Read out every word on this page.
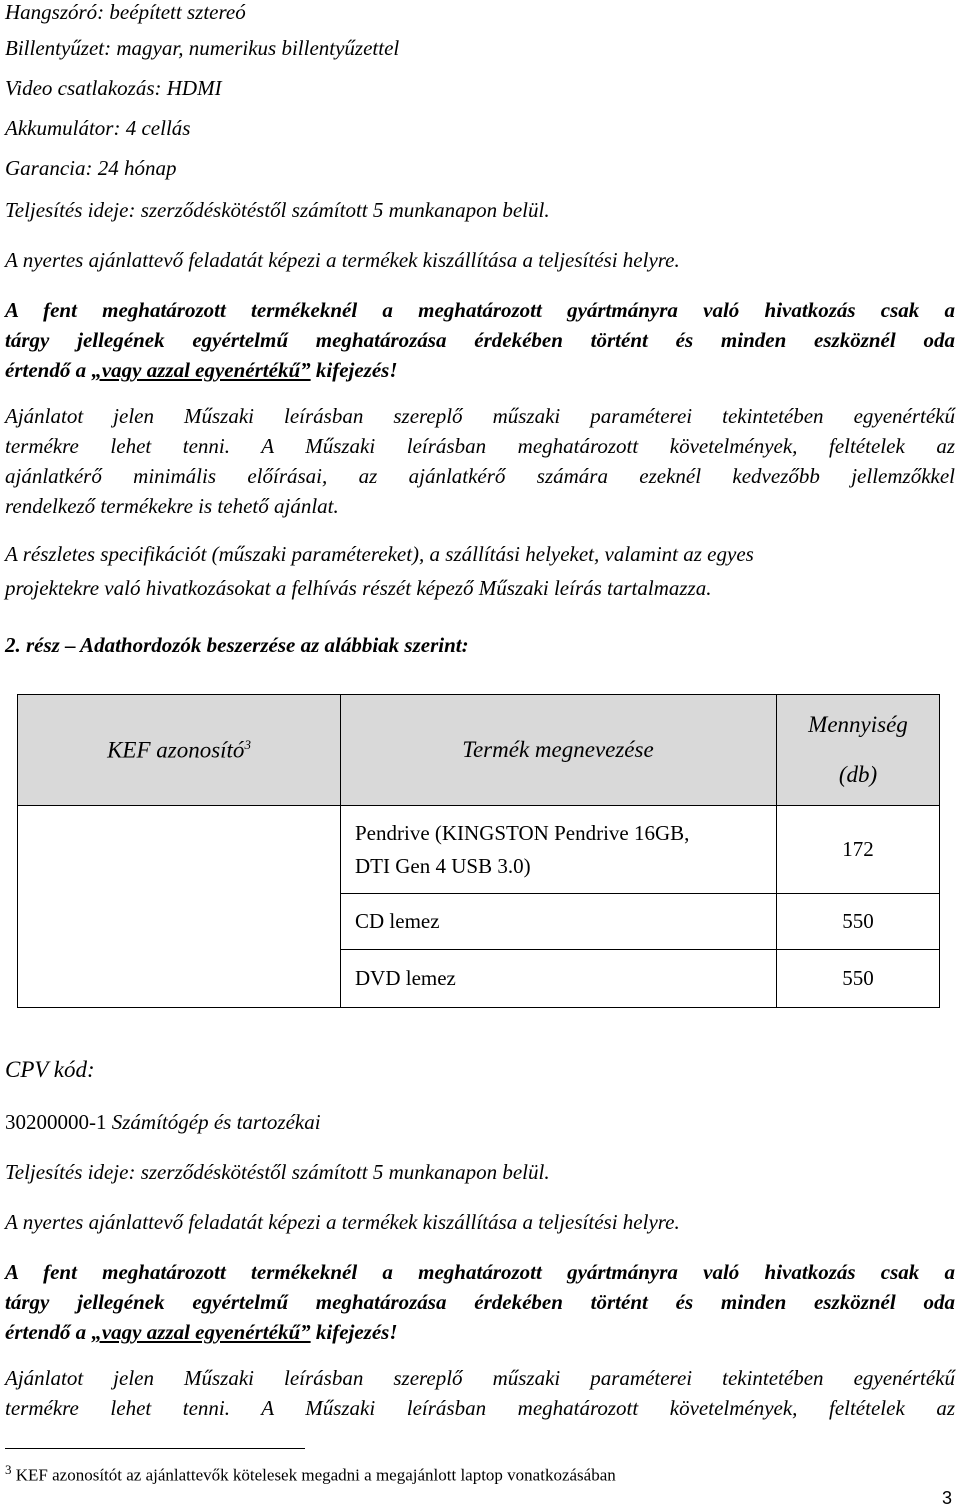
Hangszóró: beépített sztereó
Billentyűzet: magyar, numerikus billentyűzettel
Video csatlakozás: HDMI
Akkumulátor: 4 cellás
Garancia: 24 hónap
Teljesítés ideje: szerződéskötéstől számított 5 munkanapon belül.
A nyertes ajánlattevő feladatát képezi a termékek kiszállítása a teljesítési helyre.
A fent meghatározott termékeknél a meghatározott gyártmányra való hivatkozás csak a
tárgy jellegének egyértelmű meghatározása érdekében történt és minden eszköznél oda
értendő a „vagy azzal egyenértékű” kifejezés!
Ajánlatot jelen Műszaki leírásban szereplő műszaki paraméterei tekintetében egyenértékű
termékre lehet tenni. A Műszaki leírásban meghatározott követelmények, feltételek az
ajánlatkérő minimális előírásai, az ajánlatkérő számára ezeknél kedvezőbb jellemzőkkel
rendelkező termékekre is tehető ajánlat.
A részletes specifikációt (műszaki paramétereket), a szállítási helyeket, valamint az egyes
projektekre való hivatkozásokat a felhívás részét képező Műszaki leírás tartalmazza.
2. rész – Adathordozók beszerzése az alábbiak szerint:
KEF azonosító$^3$	Termék megnevezése	Mennyiség
(db)

	Pendrive (KINGSTON Pendrive 16GB,
DTI Gen 4 USB 3.0)	172
	CD lemez	550
	DVD lemez	550
CPV kód:
30200000-1 Számítógép és tartozékai
Teljesítés ideje: szerződéskötéstől számított 5 munkanapon belül.
A nyertes ajánlattevő feladatát képezi a termékek kiszállítása a teljesítési helyre.
A fent meghatározott termékeknél a meghatározott gyártmányra való hivatkozás csak a
tárgy jellegének egyértelmű meghatározása érdekében történt és minden eszköznél oda
értendő a „vagy azzal egyenértékű” kifejezés!
Ajánlatot jelen Műszaki leírásban szereplő műszaki paraméterei tekintetében egyenértékű
termékre lehet tenni. A Műszaki leírásban meghatározott követelmények, feltételek az
$^3$ KEF azonosítót az ajánlattevők kötelesek megadni a megajánlott laptop vonatkozásában
3
